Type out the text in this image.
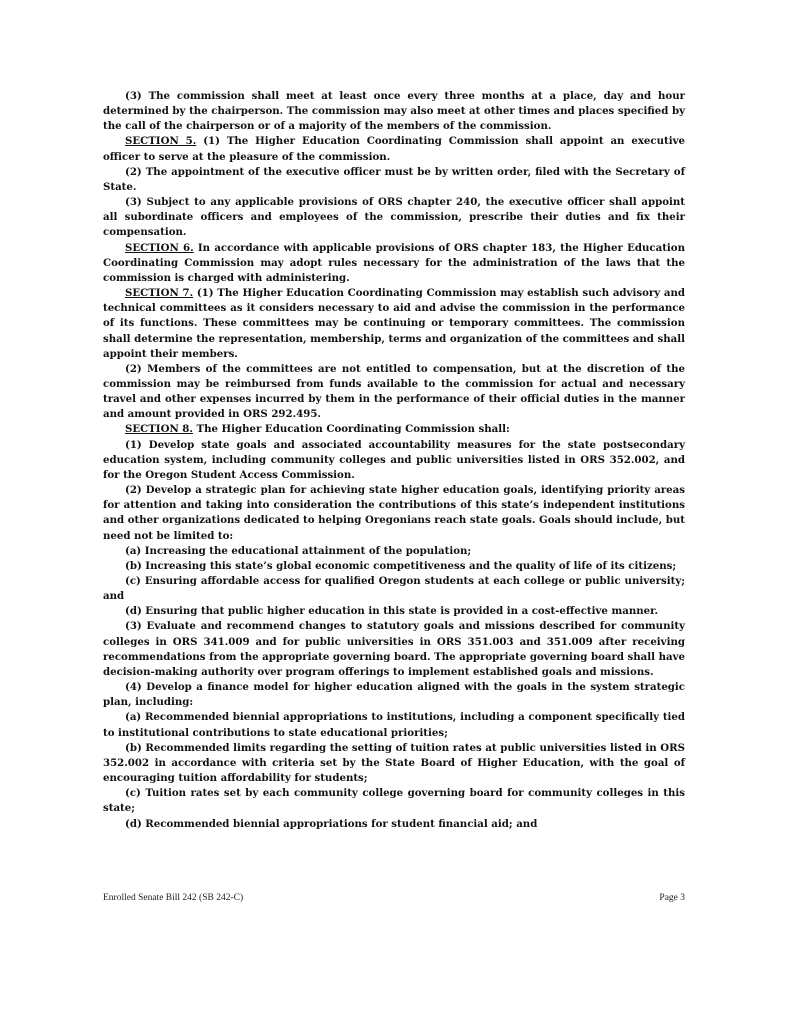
(3) The commission shall meet at least once every three months at a place, day and hour determined by the chairperson. The commission may also meet at other times and places specified by the call of the chairperson or of a majority of the members of the commission.

SECTION 5. (1) The Higher Education Coordinating Commission shall appoint an executive officer to serve at the pleasure of the commission.

(2) The appointment of the executive officer must be by written order, filed with the Secretary of State.

(3) Subject to any applicable provisions of ORS chapter 240, the executive officer shall appoint all subordinate officers and employees of the commission, prescribe their duties and fix their compensation.

SECTION 6. In accordance with applicable provisions of ORS chapter 183, the Higher Education Coordinating Commission may adopt rules necessary for the administration of the laws that the commission is charged with administering.

SECTION 7. (1) The Higher Education Coordinating Commission may establish such advisory and technical committees as it considers necessary to aid and advise the commission in the performance of its functions. These committees may be continuing or temporary committees. The commission shall determine the representation, membership, terms and organization of the committees and shall appoint their members.

(2) Members of the committees are not entitled to compensation, but at the discretion of the commission may be reimbursed from funds available to the commission for actual and necessary travel and other expenses incurred by them in the performance of their official duties in the manner and amount provided in ORS 292.495.

SECTION 8. The Higher Education Coordinating Commission shall:

(1) Develop state goals and associated accountability measures for the state postsecondary education system, including community colleges and public universities listed in ORS 352.002, and for the Oregon Student Access Commission.

(2) Develop a strategic plan for achieving state higher education goals, identifying priority areas for attention and taking into consideration the contributions of this state’s independent institutions and other organizations dedicated to helping Oregonians reach state goals. Goals should include, but need not be limited to:

(a) Increasing the educational attainment of the population;

(b) Increasing this state’s global economic competitiveness and the quality of life of its citizens;

(c) Ensuring affordable access for qualified Oregon students at each college or public university; and

(d) Ensuring that public higher education in this state is provided in a cost-effective manner.

(3) Evaluate and recommend changes to statutory goals and missions described for community colleges in ORS 341.009 and for public universities in ORS 351.003 and 351.009 after receiving recommendations from the appropriate governing board. The appropriate governing board shall have decision-making authority over program offerings to implement established goals and missions.

(4) Develop a finance model for higher education aligned with the goals in the system strategic plan, including:

(a) Recommended biennial appropriations to institutions, including a component specifically tied to institutional contributions to state educational priorities;

(b) Recommended limits regarding the setting of tuition rates at public universities listed in ORS 352.002 in accordance with criteria set by the State Board of Higher Education, with the goal of encouraging tuition affordability for students;

(c) Tuition rates set by each community college governing board for community colleges in this state;

(d) Recommended biennial appropriations for student financial aid; and

Enrolled Senate Bill 242 (SB 242-C)	Page 3
